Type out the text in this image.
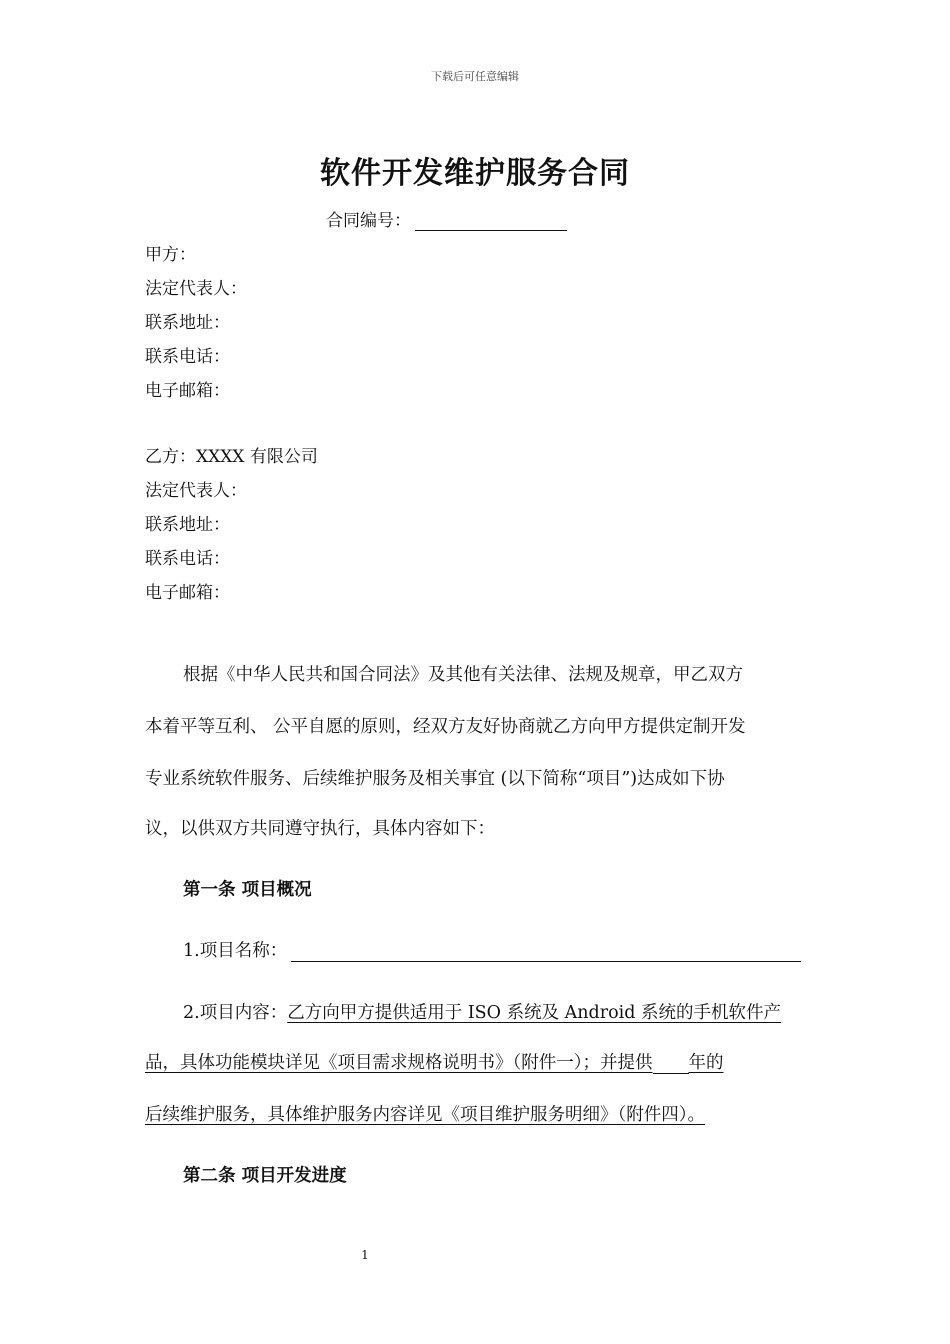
下载后可任意编辑
软件开发维护服务合同
合同编号：
甲方：
法定代表人：
联系地址：
联系电话：
电子邮箱：
乙方：XXXX 有限公司
法定代表人：
联系地址：
联系电话：
电子邮箱：
根据《中华人民共和国合同法》及其他有关法律、法规及规章，甲乙双方
本着平等互利、 公平自愿的原则，经双方友好协商就乙方向甲方提供定制开发
专业系统软件服务、后续维护服务及相关事宜 (以下简称“项目”)达成如下协
议，以供双方共同遵守执行，具体内容如下：
第一条 项目概况
1.项目名称：
2.项目内容：乙方向甲方提供适用于 ISO 系统及 Android 系统的手机软件产
品，具体功能模块详见《项目需求规格说明书》（附件一）；并提供 年的
后续维护服务，具体维护服务内容详见《项目维护服务明细》（附件四）。
第二条 项目开发进度
1
